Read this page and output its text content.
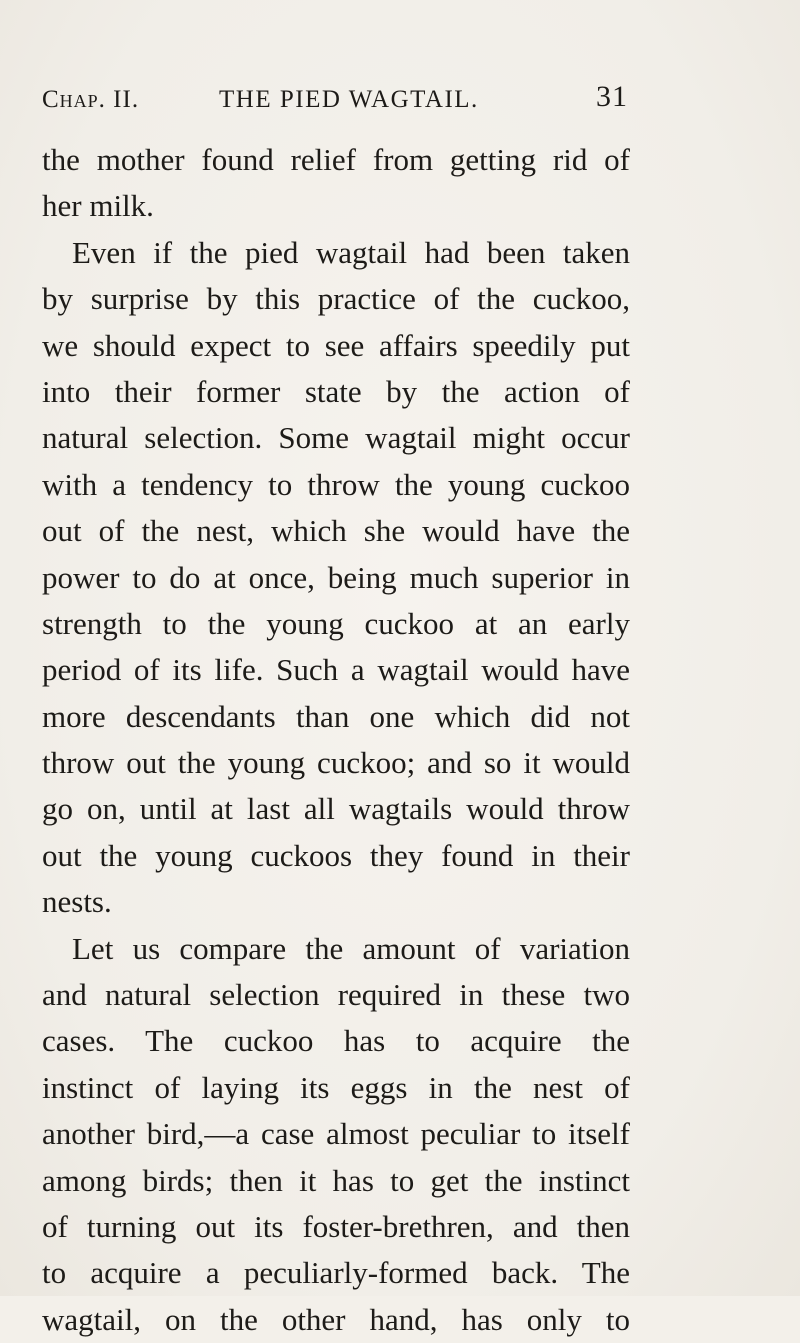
Chap. II.	THE PIED WAGTAIL.	31
the mother found relief from getting rid of
her milk.
Even if the pied wagtail had been taken
by surprise by this practice of the cuckoo,
we should expect to see affairs speedily put
into their former state by the action of
natural selection. Some wagtail might occur
with a tendency to throw the young cuckoo
out of the nest, which she would have the
power to do at once, being much superior in
strength to the young cuckoo at an early
period of its life. Such a wagtail would have
more descendants than one which did not
throw out the young cuckoo; and so it would
go on, until at last all wagtails would throw
out the young cuckoos they found in their
nests.
Let us compare the amount of variation
and natural selection required in these two
cases. The cuckoo has to acquire the
instinct of laying its eggs in the nest of
another bird,—a case almost peculiar to itself
among birds; then it has to get the instinct
of turning out its foster-brethren, and then
to acquire a peculiarly-formed back. The
wagtail, on the other hand, has only to
